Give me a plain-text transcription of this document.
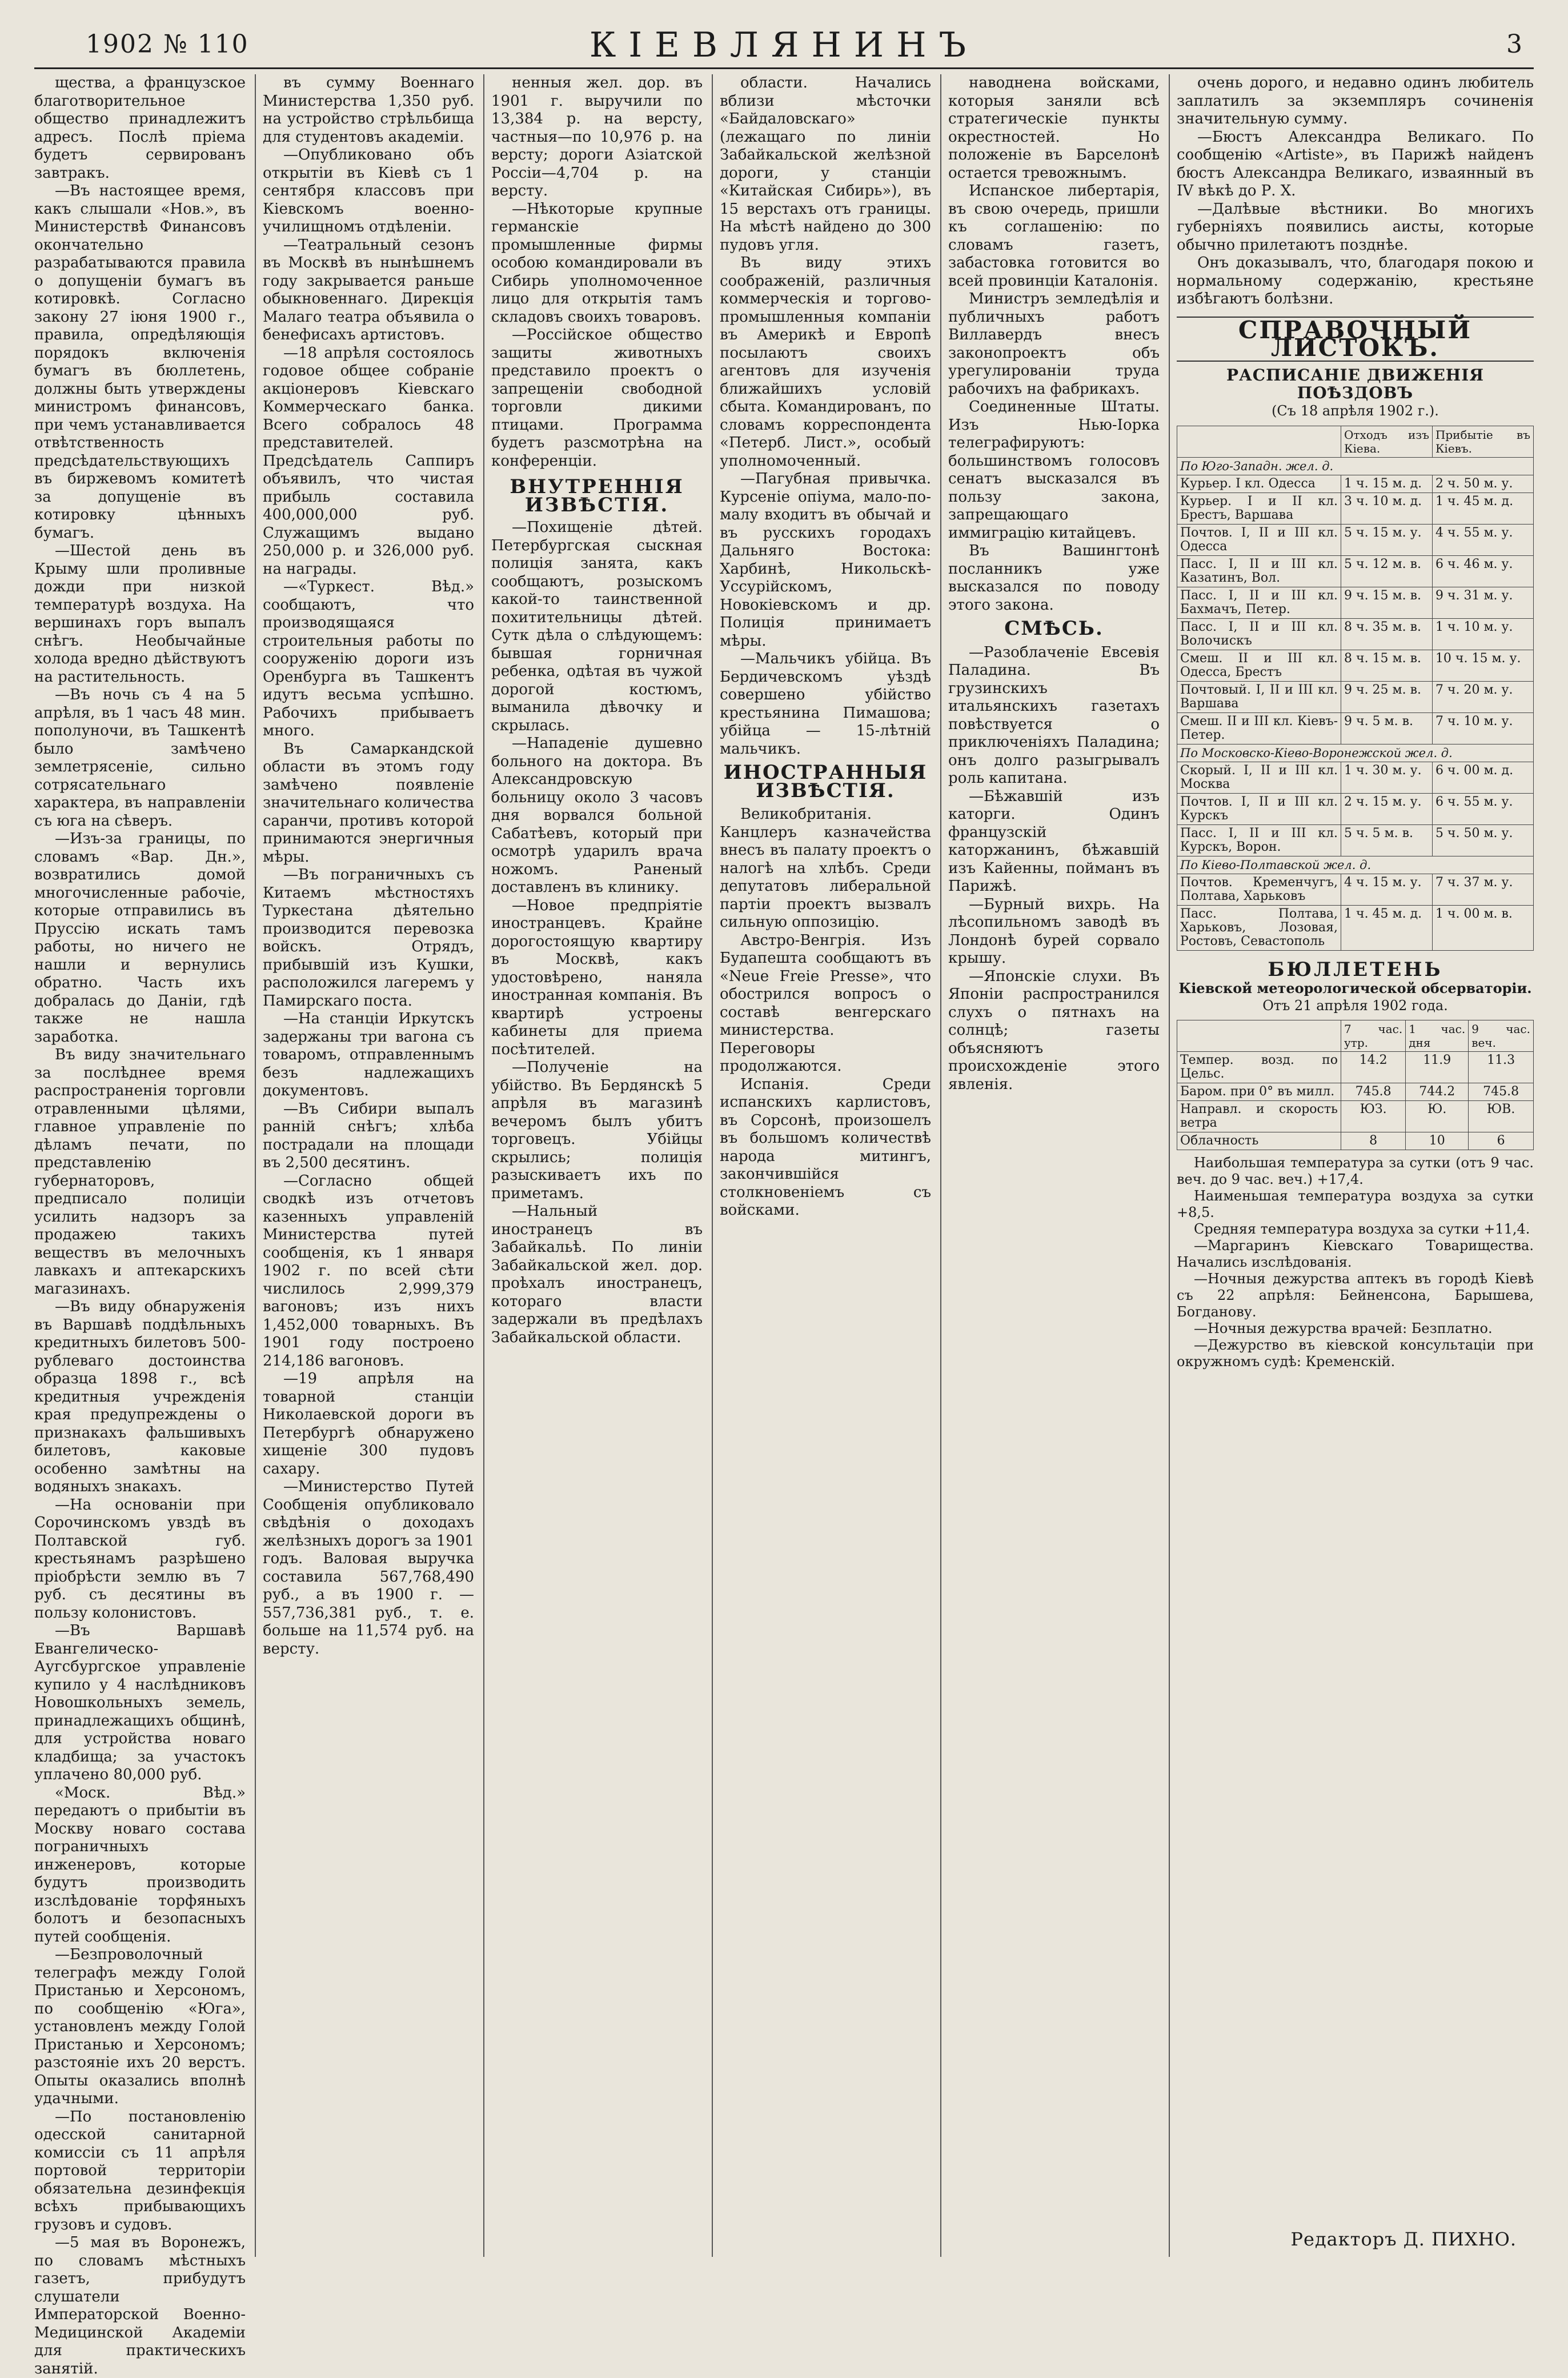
1902 № 110	КІЕВЛЯНИНЪ	3

щества, а французское благотворительное общество принадлежитъ адресъ. Послѣ пріема будетъ сервированъ завтракъ.

—Въ настоящее время, какъ слышали «Нов.», въ Министерствѣ Финансовъ окончательно разрабатываются правила о допущеніи бумагъ въ котировкѣ. Согласно закону 27 іюня 1900 г., правила, опредѣляющія порядокъ включенія бумагъ въ бюллетень, должны быть утверждены министромъ финансовъ, при чемъ устанавливается отвѣтственность предсѣдательствующихъ въ биржевомъ комитетѣ за допущеніе въ котировку цѣнныхъ бумагъ.

—Шестой день въ Крыму шли проливные дожди при низкой температурѣ воздуха. На вершинахъ горъ выпалъ снѣгъ. Необычайные холода вредно дѣйствуютъ на растительность.

—Въ ночь съ 4 на 5 апрѣля, въ 1 часъ 48 мин. пополуночи, въ Ташкентѣ было замѣчено землетрясеніе, сильно сотрясательнаго характера, въ направленіи съ юга на сѣверъ.

—Изъ-за границы, по словамъ «Вар. Дн.», возвратились домой многочисленные рабочіе, которые отправились въ Пруссію искать тамъ работы, но ничего не нашли и вернулись обратно. Часть ихъ добралась до Даніи, гдѣ также не нашла заработка.

Въ виду значительнаго за послѣднее время распространенія торговли отравленными цѣлями, главное управленіе по дѣламъ печати, по представленію губернаторовъ, предписало полиціи усилить надзоръ за продажею такихъ веществъ въ мелочныхъ лавкахъ и аптекарскихъ магазинахъ.

—Въ виду обнаруженія въ Варшавѣ поддѣльныхъ кредитныхъ билетовъ 500-рублеваго достоинства образца 1898 г., всѣ кредитныя учрежденія края предупреждены о признакахъ фальшивыхъ билетовъ, каковые особенно замѣтны на водяныхъ знакахъ.

—На основаніи при Сорочинскомъ увздѣ въ Полтавской губ. крестьянамъ разрѣшено пріобрѣсти землю въ 7 руб. съ десятины въ пользу колонистовъ.

—Въ Варшавѣ Евангелическо-Аугсбургское управленіе купило у 4 наслѣдниковъ Новошкольныхъ земель, принадлежащихъ общинѣ, для устройства новаго кладбища; за участокъ уплачено 80,000 руб.

«Моск. Вѣд.» передаютъ о прибытіи въ Москву новаго состава пограничныхъ инженеровъ, которые будутъ производить изслѣдованіе торфяныхъ болотъ и безопасныхъ путей сообщенія.

—Безпроволочный телеграфъ между Голой Пристанью и Херсономъ, по сообщенію «Юга», установленъ между Голой Пристанью и Херсономъ; разстояніе ихъ 20 верстъ. Опыты оказались вполнѣ удачными.

—По постановленію одесской санитарной комиссіи съ 11 апрѣля портовой территоріи обязательна дезинфекція всѣхъ прибывающихъ грузовъ и судовъ.

—5 мая въ Воронежъ, по словамъ мѣстныхъ газетъ, прибудутъ слушатели Императорской Военно-Медицинской Академіи для практическихъ занятій.

въ сумму Военнаго Министерства 1,350 руб. на устройство стрѣльбища для студентовъ академіи.

—Опубликовано объ открытіи въ Кіевѣ съ 1 сентября классовъ при Кіевскомъ военно-училищномъ отдѣленіи.

—Театральный сезонъ въ Москвѣ въ нынѣшнемъ году закрывается раньше обыкновеннаго. Дирекція Малаго театра объявила о бенефисахъ артистовъ.

—18 апрѣля состоялось годовое общее собраніе акціонеровъ Кіевскаго Коммерческаго банка. Всего собралось 48 представителей. Предсѣдатель Саппиръ объявилъ, что чистая прибыль составила 400,000,000 руб. Служащимъ выдано 250,000 р. и 326,000 руб. на награды.

—«Туркест. Вѣд.» сообщаютъ, что производящаяся строительныя работы по сооруженію дороги изъ Оренбурга въ Ташкентъ идутъ весьма успѣшно. Рабочихъ прибываетъ много.

Въ Самаркандской области въ этомъ году замѣчено появленіе значительнаго количества саранчи, противъ которой принимаются энергичныя мѣры.

—Въ пограничныхъ съ Китаемъ мѣстностяхъ Туркестана дѣятельно производится перевозка войскъ. Отрядъ, прибывшій изъ Кушки, расположился лагеремъ у Памирскаго поста.

—На станціи Иркутскъ задержаны три вагона съ товаромъ, отправленнымъ безъ надлежащихъ документовъ.

—Въ Сибири выпалъ ранній снѣгъ; хлѣба пострадали на площади въ 2,500 десятинъ.

—Согласно общей сводкѣ изъ отчетовъ казенныхъ управленій Министерства путей сообщенія, къ 1 января 1902 г. по всей сѣти числилось 2,999,379 вагоновъ; изъ нихъ 1,452,000 товарныхъ. Въ 1901 году построено 214,186 вагоновъ.

—19 апрѣля на товарной станціи Николаевской дороги въ Петербургѣ обнаружено хищеніе 300 пудовъ сахару.

—Министерство Путей Сообщенія опубликовало свѣдѣнія о доходахъ желѣзныхъ дорогъ за 1901 годъ. Валовая выручка составила 567,768,490 руб., а въ 1900 г. — 557,736,381 руб., т. е. больше на 11,574 руб. на версту.

ненныя жел. дор. въ 1901 г. выручили по 13,384 р. на версту, частныя—по 10,976 р. на версту; дороги Азіатской Россіи—4,704 р. на версту.

—Нѣкоторые крупные германскіе промышленные фирмы особою командировали въ Сибирь уполномоченное лицо для открытія тамъ складовъ своихъ товаровъ.

—Россійское общество защиты животныхъ представило проектъ о запрещеніи свободной торговли дикими птицами. Программа будетъ разсмотрѣна на конференціи.

ВНУТРЕННІЯ ИЗВѢСТІЯ.

—Похищеніе дѣтей. Петербургская сыскная полиція занята, какъ сообщаютъ, розыскомъ какой-то таинственной похитительницы дѣтей. Сутк дѣла о слѣдующемъ: бывшая горничная ребенка, одѣтая въ чужой дорогой костюмъ, выманила дѣвочку и скрылась.

—Нападеніе душевно больного на доктора. Въ Александровскую больницу около 3 часовъ дня ворвался больной Сабатѣевъ, который при осмотрѣ ударилъ врача ножомъ. Раненый доставленъ въ клинику.

—Новое предпріятіе иностранцевъ. Крайне дорогостоящую квартиру въ Москвѣ, какъ удостовѣрено, наняла иностранная компанія. Въ квартирѣ устроены кабинеты для приема посѣтителей.

—Полученіе на убійство. Въ Бердянскѣ 5 апрѣля въ магазинѣ вечеромъ былъ убитъ торговецъ. Убійцы скрылись; полиція разыскиваетъ ихъ по приметамъ.

—Нальный иностранецъ въ Забайкальѣ. По линіи Забайкальской жел. дор. проѣхалъ иностранецъ, котораго власти задержали въ предѣлахъ Забайкальской области.

области. Начались вблизи мѣсточки «Байдаловскаго» (лежащаго по линіи Забайкальской желѣзной дороги, у станціи «Китайская Сибирь»), въ 15 верстахъ отъ границы. На мѣстѣ найдено до 300 пудовъ угля.

Въ виду этихъ соображеній, различныя коммерческія и торгово-промышленныя компаніи въ Америкѣ и Европѣ посылаютъ своихъ агентовъ для изученія ближайшихъ условій сбыта. Командированъ, по словамъ корреспондента «Петерб. Лист.», особый уполномоченный.

—Пагубная привычка. Курсеніе опіума, мало-по-малу входитъ въ обычай и въ русскихъ городахъ Дальняго Востока: Харбинѣ, Никольскѣ-Уссурійскомъ, Новокіевскомъ и др. Полиція принимаетъ мѣры.

—Мальчикъ убійца. Въ Бердичевскомъ уѣздѣ совершено убійство крестьянина Пимашова; убійца — 15-лѣтній мальчикъ.

ИНОСТРАННЫЯ ИЗВѢСТІЯ.

Великобританія. Канцлеръ казначейства внесъ въ палату проектъ о налогѣ на хлѣбъ. Среди депутатовъ либеральной партіи проектъ вызвалъ сильную оппозицію.

Австро-Венгрія. Изъ Будапешта сообщаютъ въ «Neue Freie Presse», что обострился вопросъ о составѣ венгерскаго министерства. Переговоры продолжаются.

Испанія. Среди испанскихъ карлистовъ, въ Сорсонѣ, произошелъ въ большомъ количествѣ народа митингъ, закончившійся столкновеніемъ съ войсками.

наводнена войсками, которыя заняли всѣ стратегическіе пункты окрестностей. Но положеніе въ Барселонѣ остается тревожнымъ.

Испанское либертарія, въ свою очередь, пришли къ соглашенію: по словамъ газетъ, забастовка готовится во всей провинціи Каталонія.

Министръ земледѣлія и публичныхъ работъ Виллавердъ внесъ законопроектъ объ урегулированіи труда рабочихъ на фабрикахъ.

Соединенные Штаты. Изъ Нью-Іорка телеграфируютъ: большинствомъ голосовъ сенатъ высказался въ пользу закона, запрещающаго иммиграцію китайцевъ.

Въ Вашингтонѣ посланникъ уже высказался по поводу этого закона.

СМѢСЬ.

—Разоблаченіе Евсевія Паладина. Въ грузинскихъ итальянскихъ газетахъ повѣствуется о приключеніяхъ Паладина; онъ долго разыгрывалъ роль капитана.

—Бѣжавшій изъ каторги. Одинъ французскій каторжанинъ, бѣжавшій изъ Кайенны, пойманъ въ Парижѣ.

—Бурный вихрь. На лѣсопильномъ заводѣ въ Лондонѣ бурей сорвало крышу.

—Японскіе слухи. Въ Японіи распространился слухъ о пятнахъ на солнцѣ; газеты объясняютъ происхожденіе этого явленія.

очень дорого, и недавно одинъ любитель заплатилъ за экземпляръ сочиненія значительную сумму.

—Бюстъ Александра Великаго. По сообщенію «Artiste», въ Парижѣ найденъ бюстъ Александра Великаго, изваянный въ IV вѣкѣ до Р. X.

—Далѣвые вѣстники. Во многихъ губерніяхъ появились аисты, которые обычно прилетаютъ позднѣе.

Онъ доказывалъ, что, благодаря покою и нормальному содержанію, крестьяне избѣгаютъ болѣзни.

СПРАВОЧНЫЙ ЛИСТОКЪ.
РАСПИСАНІЕ ДВИЖЕНІЯ ПОѢЗДОВЪ
(Съ 18 апрѣля 1902 г.).
	Отходъ изъ Кіева.	Прибытіе въ Кіевъ.
По Юго-Западн. жел. д.		
Курьер. I кл. Одесса	1 ч. 15 м. д.	2 ч. 50 м. у.
Курьер. I и II кл. Брестъ, Варшава	3 ч. 10 м. д.	1 ч. 45 м. д.
Почтов. I, II и III кл. Одесса	5 ч. 15 м. у.	4 ч. 55 м. у.
Пасс. I, II и III кл. Казатинъ, Вол.	5 ч. 12 м. в.	6 ч. 46 м. у.
Пасс. I, II и III кл. Бахмачъ, Петер.	9 ч. 15 м. в.	9 ч. 31 м. у.
Пасс. I, II и III кл. Волочискъ	8 ч. 35 м. в.	1 ч. 10 м. у.
Смеш. II и III кл. Одесса, Брестъ	8 ч. 15 м. в.	10 ч. 15 м. у.
Почтовый. I, II и III кл. Варшава	9 ч. 25 м. в.	7 ч. 20 м. у.
Смеш. II и III кл. Кіевъ-Петер.	9 ч. 5 м. в.	7 ч. 10 м. у.
По Московско-Кіево-Воронежской жел. д.		
Скорый. I, II и III кл. Москва	1 ч. 30 м. у.	6 ч. 00 м. д.
Почтов. I, II и III кл. Курскъ	2 ч. 15 м. у.	6 ч. 55 м. у.
Пасс. I, II и III кл. Курскъ, Ворон.	5 ч. 5 м. в.	5 ч. 50 м. у.
По Кіево-Полтавской жел. д.		
Почтов. Кременчугъ, Полтава, Харьковъ	4 ч. 15 м. у.	7 ч. 37 м. у.
Пасс. Полтава, Харьковъ, Лозовая, Ростовъ, Севастополь	1 ч. 45 м. д.	1 ч. 00 м. в.
БЮЛЛЕТЕНЬ
Кіевской метеорологической обсерваторіи.
Отъ 21 апрѣля 1902 года.
	7 час. утр.	1 час. дня	9 час. веч.
Темпер. возд. по Цельс.	14.2	11.9	11.3
Баром. при 0° въ милл.	745.8	744.2	745.8
Направл. и скорость ветра	ЮЗ.	Ю.	ЮВ.
Облачность	8	10	6

Наибольшая температура за сутки (отъ 9 час. веч. до 9 час. веч.) +17,4.

Наименьшая температура воздуха за сутки +8,5.

Средняя температура воздуха за сутки +11,4.

—Маргаринъ Кіевскаго Товарищества. Начались изслѣдованія.

—Ночныя дежурства аптекъ въ городѣ Кіевѣ съ 22 апрѣля: Бейненсона, Барышева, Богданову.

—Ночныя дежурства врачей: Безплатно.

—Дежурство въ кіевской консультаціи при окружномъ судѣ: Кременскій.

Редакторъ Д. ПИХНО.
